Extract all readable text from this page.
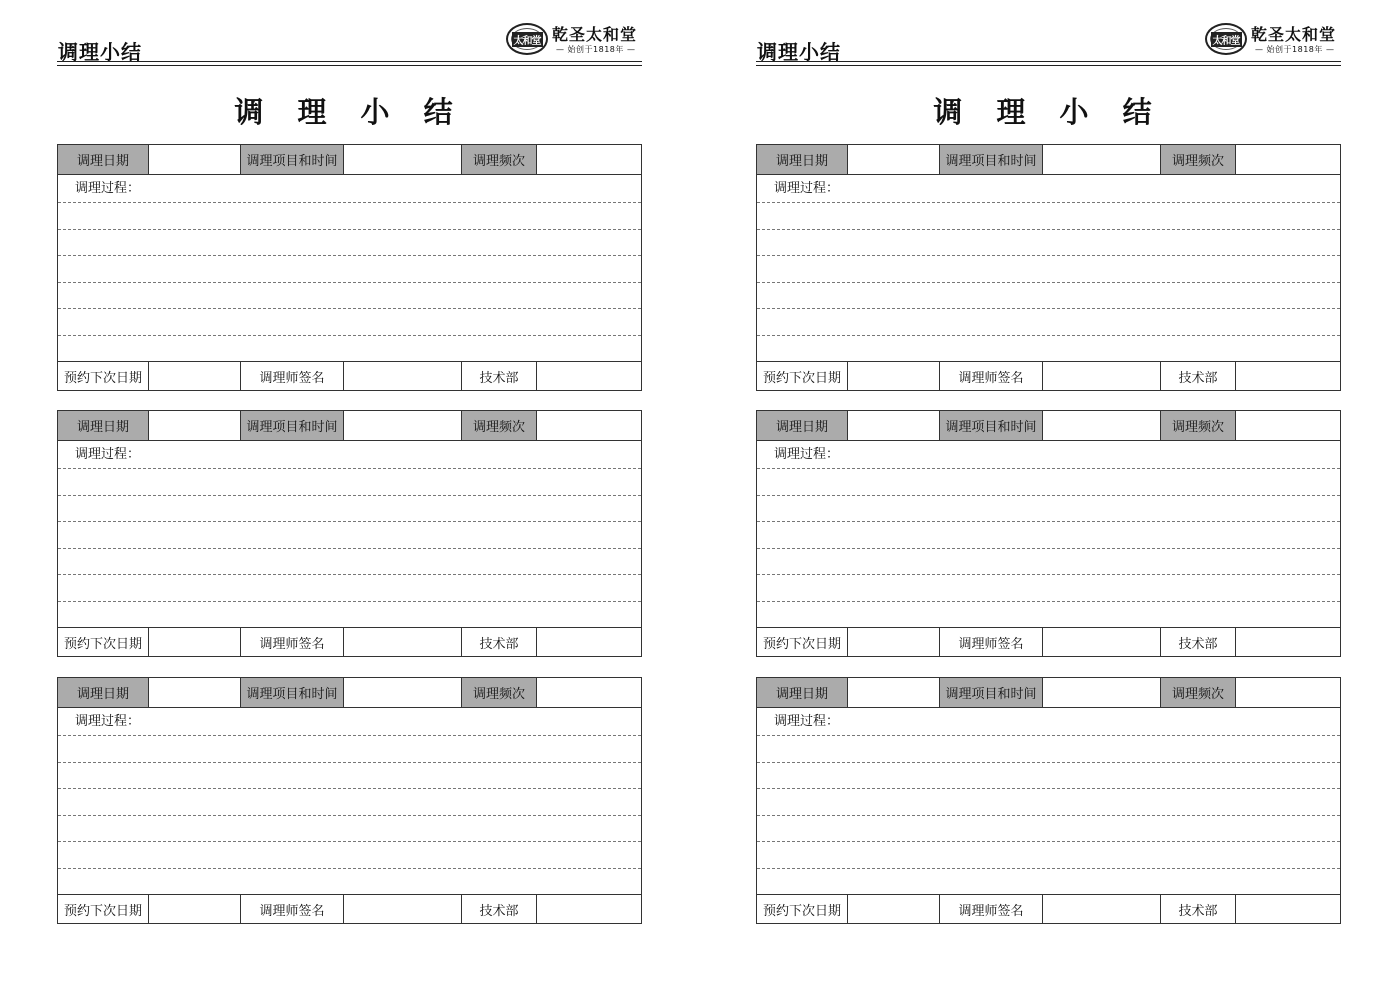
调理小结	太和堂 乾圣太和堂
— 始创于1818年 —
调 理 小 结
调理日期	调理项目和时间	调理频次
调理过程：
预约下次日期	调理师签名	技术部
调理日期	调理项目和时间	调理频次
调理过程：
预约下次日期	调理师签名	技术部
调理日期	调理项目和时间	调理频次
调理过程：
预约下次日期	调理师签名	技术部
调理小结	太和堂 乾圣太和堂
— 始创于1818年 —
调 理 小 结
调理日期	调理项目和时间	调理频次
调理过程：
预约下次日期	调理师签名	技术部
调理日期	调理项目和时间	调理频次
调理过程：
预约下次日期	调理师签名	技术部
调理日期	调理项目和时间	调理频次
调理过程：
预约下次日期	调理师签名	技术部
